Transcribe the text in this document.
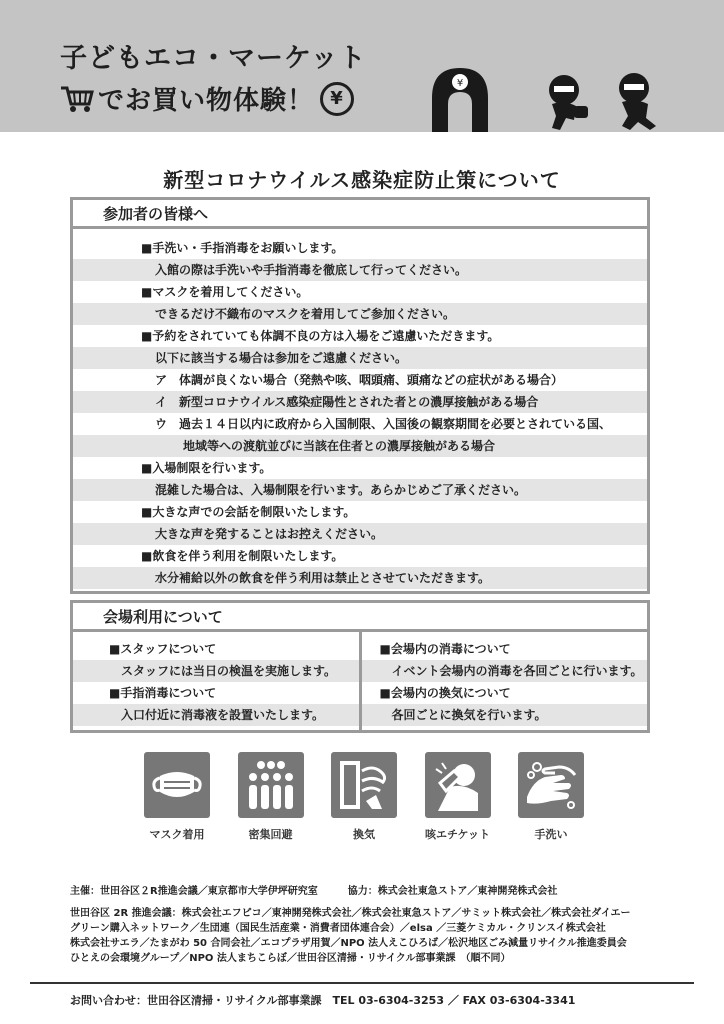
子どもエコ・マーケット
でお買い物体験！ ¥
¥
新型コロナウイルス感染症防止策について
参加者の皆様へ
■手洗い・手指消毒をお願いします。
入館の際は手洗いや手指消毒を徹底して行ってください。
■マスクを着用してください。
できるだけ不織布のマスクを着用してご参加ください。
■予約をされていても体調不良の方は入場をご遠慮いただきます。
以下に該当する場合は参加をご遠慮ください。
ア　体調が良くない場合（発熱や咳、咽頭痛、頭痛などの症状がある場合）
イ　新型コロナウイルス感染症陽性とされた者との濃厚接触がある場合
ウ　過去１４日以内に政府から入国制限、入国後の観察期間を必要とされている国、
地域等への渡航並びに当該在住者との濃厚接触がある場合
■入場制限を行います。
混雑した場合は、入場制限を行います。あらかじめご了承ください。
■大きな声での会話を制限いたします。
大きな声を発することはお控えください。
■飲食を伴う利用を制限いたします。
水分補給以外の飲食を伴う利用は禁止とさせていただきます。
会場利用について
■スタッフについて
スタッフには当日の検温を実施します。
■手指消毒について
入口付近に消毒液を設置いたします。
■会場内の消毒について
イベント会場内の消毒を各回ごとに行います。
■会場内の換気について
各回ごとに換気を行います。
マスク着用	密集回避	換気	咳エチケット	手洗い
主催：世田谷区２R推進会議／東京都市大学伊坪研究室　　　協力：株式会社東急ストア／東神開発株式会社
世田谷区 2R 推進会議：株式会社エフピコ／東神開発株式会社／株式会社東急ストア／サミット株式会社／株式会社ダイエー
グリーン購入ネットワーク／生団連（国民生活産業・消費者団体連合会）／elsa ／三菱ケミカル・クリンスイ株式会社
株式会社サエラ／たまがわ 50 合同会社／エコプラザ用賀／NPO 法人えこひろば／松沢地区ごみ減量リサイクル推進委員会
ひとえの会環境グループ／NPO 法人まちこらぼ／世田谷区清掃・リサイクル部事業課　（順不同）
お問い合わせ：世田谷区清掃・リサイクル部事業課　TEL 03-6304-3253 ／ FAX 03-6304-3341
